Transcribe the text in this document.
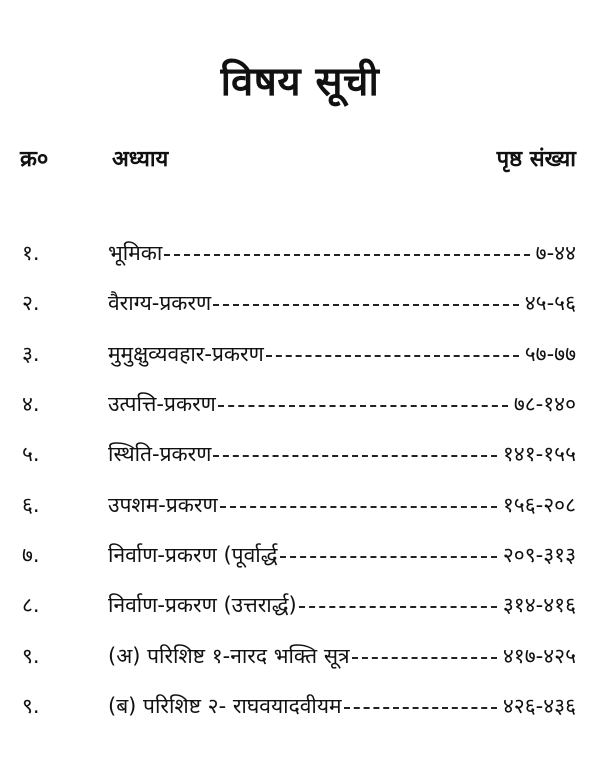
विषय सूची
क्र०	अध्याय	पृष्ठ संख्या
१.	भूमिका	७-४४
२.	वैराग्य-प्रकरण	४५-५६
३.	मुमुक्षुव्यवहार-प्रकरण	५७-७७
४.	उत्पत्ति-प्रकरण	७८-१४०
५.	स्थिति-प्रकरण	१४१-१५५
६.	उपशम-प्रकरण	१५६-२०८
७.	निर्वाण-प्रकरण (पूर्वार्द्ध	२०९-३१३
८.	निर्वाण-प्रकरण (उत्तरार्द्ध)	३१४-४१६
९.	(अ) परिशिष्ट १-नारद भक्ति सूत्र	४१७-४२५
९.	(ब) परिशिष्ट २- राघवयादवीयम	४२६-४३६
